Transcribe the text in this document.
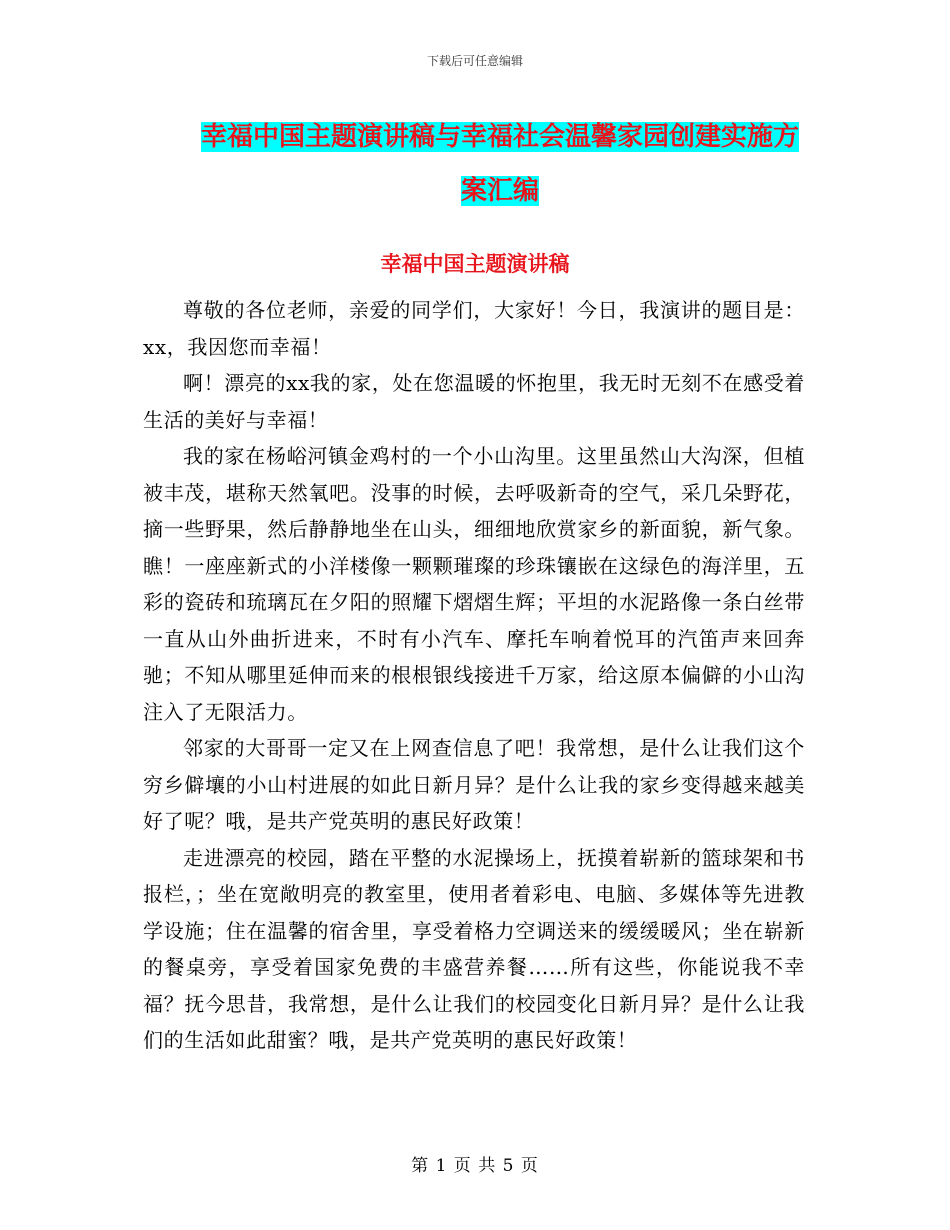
下载后可任意编辑
幸福中国主题演讲稿与幸福社会温馨家园创建实施方案汇编
幸福中国主题演讲稿

尊敬的各位老师，亲爱的同学们，大家好！今日，我演讲的题目是：xx，我因您而幸福！

啊！漂亮的xx我的家，处在您温暖的怀抱里，我无时无刻不在感受着生活的美好与幸福！

我的家在杨峪河镇金鸡村的一个小山沟里。这里虽然山大沟深，但植被丰茂，堪称天然氧吧。没事的时候，去呼吸新奇的空气，采几朵野花，摘一些野果，然后静静地坐在山头，细细地欣赏家乡的新面貌，新气象。瞧！一座座新式的小洋楼像一颗颗璀璨的珍珠镶嵌在这绿色的海洋里，五彩的瓷砖和琉璃瓦在夕阳的照耀下熠熠生辉；平坦的水泥路像一条白丝带一直从山外曲折进来，不时有小汽车、摩托车响着悦耳的汽笛声来回奔驰；不知从哪里延伸而来的根根银线接进千万家，给这原本偏僻的小山沟注入了无限活力。

邻家的大哥哥一定又在上网查信息了吧！我常想，是什么让我们这个穷乡僻壤的小山村进展的如此日新月异？是什么让我的家乡变得越来越美好了呢？哦，是共产党英明的惠民好政策！

走进漂亮的校园，踏在平整的水泥操场上，抚摸着崭新的篮球架和书报栏，；坐在宽敞明亮的教室里，使用者着彩电、电脑、多媒体等先进教学设施；住在温馨的宿舍里，享受着格力空调送来的缓缓暖风；坐在崭新的餐桌旁，享受着国家免费的丰盛营养餐……所有这些，你能说我不幸福？抚今思昔，我常想，是什么让我们的校园变化日新月异？是什么让我们的生活如此甜蜜？哦，是共产党英明的惠民好政策！

第 1 页 共 5 页
